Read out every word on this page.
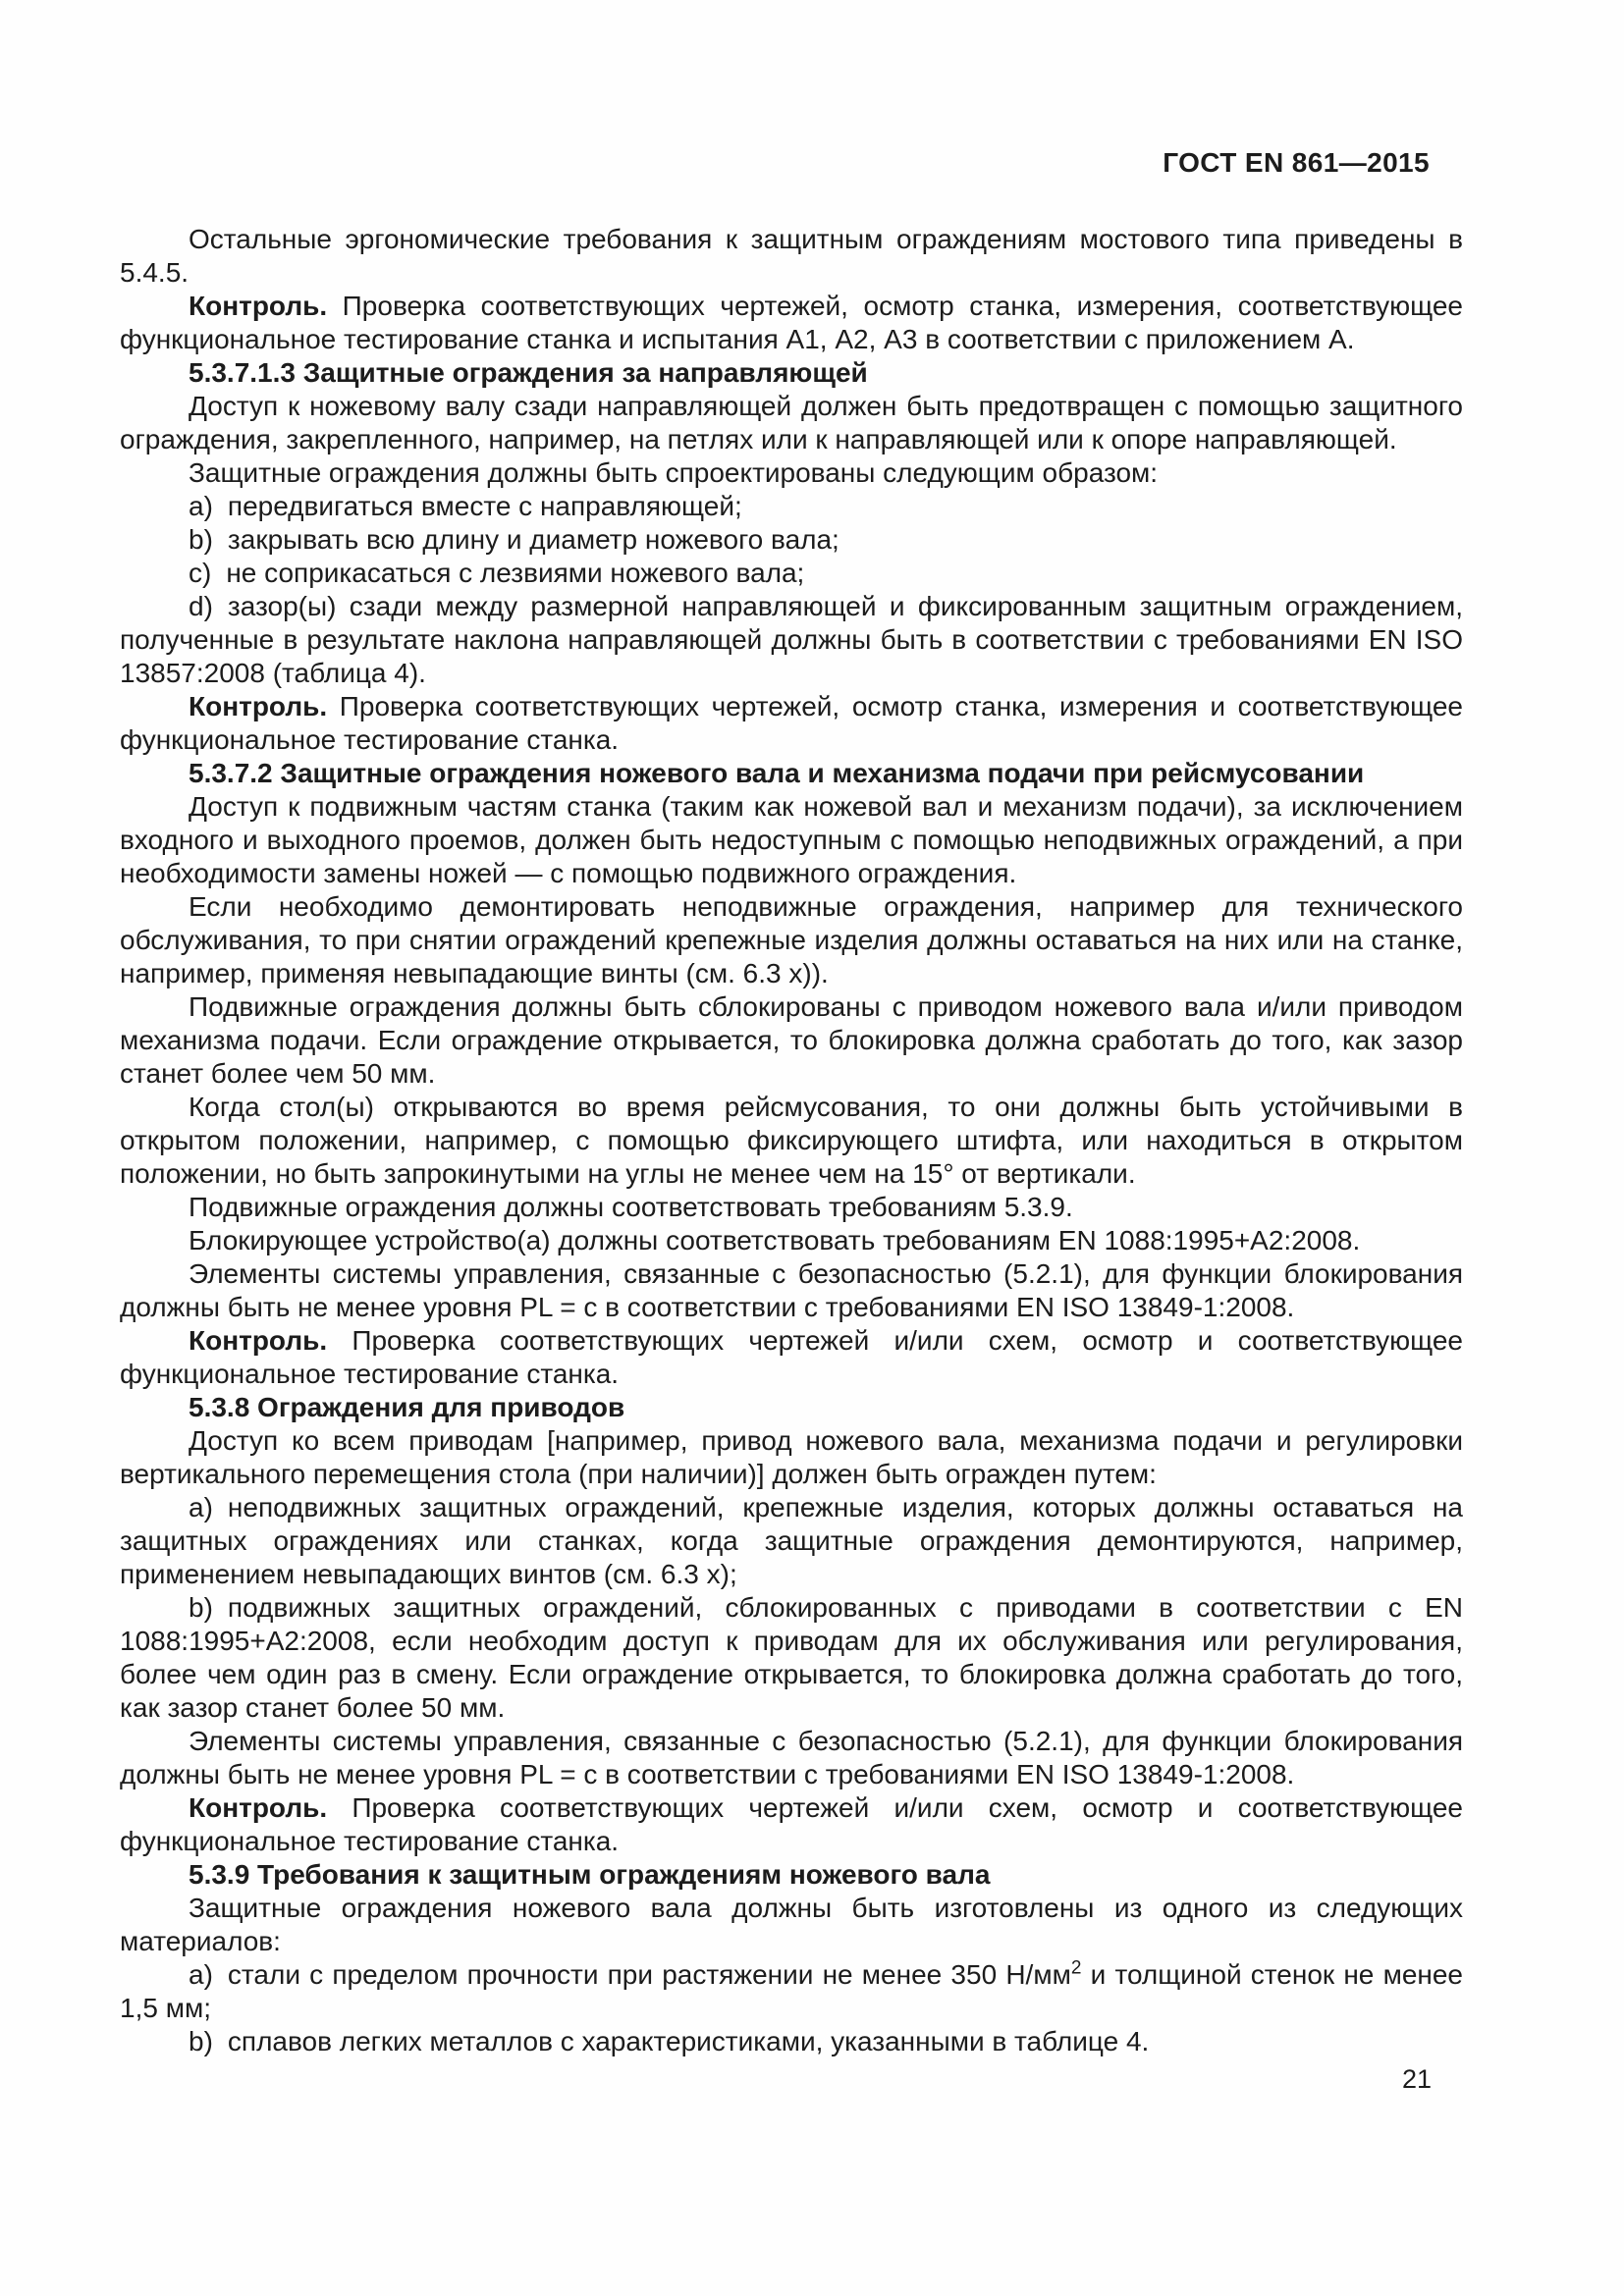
ГОСТ EN 861—2015

Остальные эргономические требования к защитным ограждениям мостового типа приведены в 5.4.5.

Контроль. Проверка соответствующих чертежей, осмотр станка, измерения, соответствующее функциональное тестирование станка и испытания А1, А2, А3 в соответствии с приложением А.

5.3.7.1.3 Защитные ограждения за направляющей

Доступ к ножевому валу сзади направляющей должен быть предотвращен с помощью защитного ограждения, закрепленного, например, на петлях или к направляющей или к опоре направляющей.

Защитные ограждения должны быть спроектированы следующим образом:

a) передвигаться вместе с направляющей;

b) закрывать всю длину и диаметр ножевого вала;

c) не соприкасаться с лезвиями ножевого вала;

d) зазор(ы) сзади между размерной направляющей и фиксированным защитным ограждением, полученные в результате наклона направляющей должны быть в соответствии с требованиями EN ISO 13857:2008 (таблица 4).

Контроль. Проверка соответствующих чертежей, осмотр станка, измерения и соответствующее функциональное тестирование станка.

5.3.7.2 Защитные ограждения ножевого вала и механизма подачи при рейсмусовании

Доступ к подвижным частям станка (таким как ножевой вал и механизм подачи), за исключением входного и выходного проемов, должен быть недоступным с помощью неподвижных ограждений, а при необходимости замены ножей — с помощью подвижного ограждения.

Если необходимо демонтировать неподвижные ограждения, например для технического обслуживания, то при снятии ограждений крепежные изделия должны оставаться на них или на станке, например, применяя невыпадающие винты (см. 6.3 x)).

Подвижные ограждения должны быть сблокированы с приводом ножевого вала и/или приводом механизма подачи. Если ограждение открывается, то блокировка должна сработать до того, как зазор станет более чем 50 мм.

Когда стол(ы) открываются во время рейсмусования, то они должны быть устойчивыми в открытом положении, например, с помощью фиксирующего штифта, или находиться в открытом положении, но быть запрокинутыми на углы не менее чем на 15° от вертикали.

Подвижные ограждения должны соответствовать требованиям 5.3.9.

Блокирующее устройство(а) должны соответствовать требованиям EN 1088:1995+A2:2008.

Элементы системы управления, связанные с безопасностью (5.2.1), для функции блокирования должны быть не менее уровня PL = c в соответствии с требованиями EN ISO 13849-1:2008.

Контроль. Проверка соответствующих чертежей и/или схем, осмотр и соответствующее функциональное тестирование станка.

5.3.8 Ограждения для приводов

Доступ ко всем приводам [например, привод ножевого вала, механизма подачи и регулировки вертикального перемещения стола (при наличии)] должен быть огражден путем:

a) неподвижных защитных ограждений, крепежные изделия, которых должны оставаться на защитных ограждениях или станках, когда защитные ограждения демонтируются, например, применением невыпадающих винтов (см. 6.3 x);

b) подвижных защитных ограждений, сблокированных с приводами в соответствии с EN 1088:1995+A2:2008, если необходим доступ к приводам для их обслуживания или регулирования, более чем один раз в смену. Если ограждение открывается, то блокировка должна сработать до того, как зазор станет более 50 мм.

Элементы системы управления, связанные с безопасностью (5.2.1), для функции блокирования должны быть не менее уровня PL = c в соответствии с требованиями EN ISO 13849-1:2008.

Контроль. Проверка соответствующих чертежей и/или схем, осмотр и соответствующее функциональное тестирование станка.

5.3.9 Требования к защитным ограждениям ножевого вала

Защитные ограждения ножевого вала должны быть изготовлены из одного из следующих материалов:

a) стали с пределом прочности при растяжении не менее 350 $Н/мм^2$ и толщиной стенок не менее 1,5 мм;

b) сплавов легких металлов с характеристиками, указанными в таблице 4.

21
